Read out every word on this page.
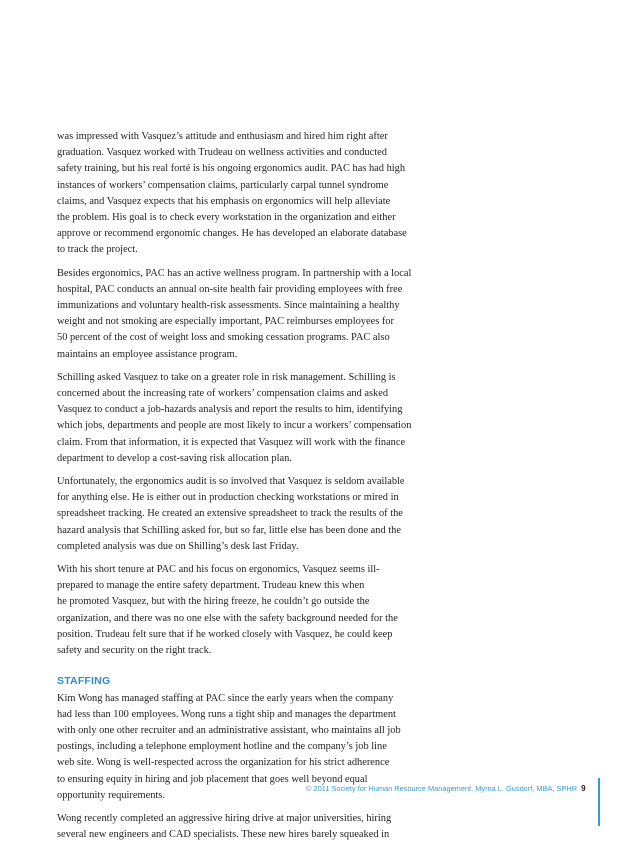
was impressed with Vasquez’s attitude and enthusiasm and hired him right after
graduation. Vasquez worked with Trudeau on wellness activities and conducted
safety training, but his real forté is his ongoing ergonomics audit. PAC has had high
instances of workers’ compensation claims, particularly carpal tunnel syndrome
claims, and Vasquez expects that his emphasis on ergonomics will help alleviate
the problem. His goal is to check every workstation in the organization and either
approve or recommend ergonomic changes. He has developed an elaborate database
to track the project.
Besides ergonomics, PAC has an active wellness program. In partnership with a local
hospital, PAC conducts an annual on-site health fair providing employees with free
immunizations and voluntary health-risk assessments. Since maintaining a healthy
weight and not smoking are especially important, PAC reimburses employees for
50 percent of the cost of weight loss and smoking cessation programs. PAC also
maintains an employee assistance program.
Schilling asked Vasquez to take on a greater role in risk management. Schilling is
concerned about the increasing rate of workers’ compensation claims and asked
Vasquez to conduct a job-hazards analysis and report the results to him, identifying
which jobs, departments and people are most likely to incur a workers’ compensation
claim. From that information, it is expected that Vasquez will work with the finance
department to develop a cost-saving risk allocation plan.
Unfortunately, the ergonomics audit is so involved that Vasquez is seldom available
for anything else. He is either out in production checking workstations or mired in
spreadsheet tracking. He created an extensive spreadsheet to track the results of the
hazard analysis that Schilling asked for, but so far, little else has been done and the
completed analysis was due on Shilling’s desk last Friday.
With his short tenure at PAC and his focus on ergonomics, Vasquez seems ill-
prepared to manage the entire safety department. Trudeau knew this when
he promoted Vasquez, but with the hiring freeze, he couldn’t go outside the
organization, and there was no one else with the safety background needed for the
position. Trudeau felt sure that if he worked closely with Vasquez, he could keep
safety and security on the right track.
STAFFING
Kim Wong has managed staffing at PAC since the early years when the company
had less than 100 employees. Wong runs a tight ship and manages the department
with only one other recruiter and an administrative assistant, who maintains all job
postings, including a telephone employment hotline and the company’s job line
web site. Wong is well-respected across the organization for his strict adherence
to ensuring equity in hiring and job placement that goes well beyond equal
opportunity requirements.
Wong recently completed an aggressive hiring drive at major universities, hiring
several new engineers and CAD specialists. These new hires barely squeaked in
© 2011 Society for Human Resource Management. Myrna L. Gusdorf, MBA, SPHR 9
